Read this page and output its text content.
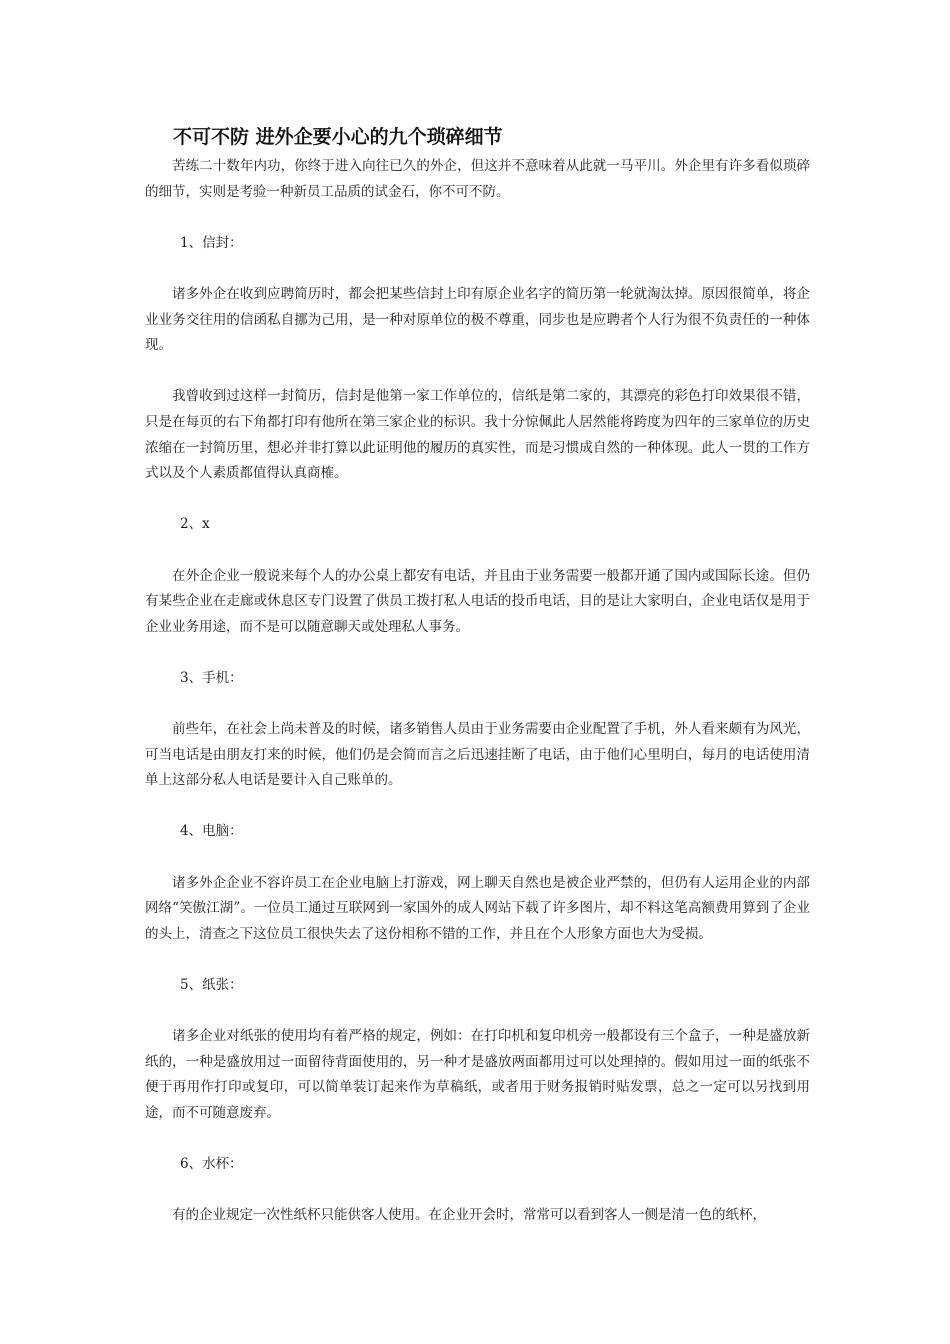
不可不防 进外企要小心的九个琐碎细节

苦练二十数年内功，你终于进入向往已久的外企，但这并不意味着从此就一马平川。外企里有许多看似琐碎的细节，实则是考验一种新员工品质的试金石，你不可不防。

1、信封：

诸多外企在收到应聘简历时，都会把某些信封上印有原企业名字的简历第一轮就淘汰掉。原因很简单，将企业业务交往用的信函私自挪为己用，是一种对原单位的极不尊重，同步也是应聘者个人行为很不负责任的一种体现。

我曾收到过这样一封简历，信封是他第一家工作单位的，信纸是第二家的，其漂亮的彩色打印效果很不错，只是在每页的右下角都打印有他所在第三家企业的标识。我十分惊佩此人居然能将跨度为四年的三家单位的历史浓缩在一封简历里，想必并非打算以此证明他的履历的真实性，而是习惯成自然的一种体现。此人一贯的工作方式以及个人素质都值得认真商榷。

2、x

在外企企业一般说来每个人的办公桌上都安有电话，并且由于业务需要一般都开通了国内或国际长途。但仍有某些企业在走廊或休息区专门设置了供员工拨打私人电话的投币电话，目的是让大家明白，企业电话仅是用于企业业务用途，而不是可以随意聊天或处理私人事务。

3、手机：

前些年，在社会上尚未普及的时候，诸多销售人员由于业务需要由企业配置了手机，外人看来颇有为风光，可当电话是由朋友打来的时候，他们仍是会简而言之后迅速挂断了电话，由于他们心里明白，每月的电话使用清单上这部分私人电话是要计入自己账单的。

4、电脑：

诸多外企企业不容许员工在企业电脑上打游戏，网上聊天自然也是被企业严禁的，但仍有人运用企业的内部网络“笑傲江湖”。一位员工通过互联网到一家国外的成人网站下载了许多图片，却不料这笔高额费用算到了企业的头上，清查之下这位员工很快失去了这份相称不错的工作，并且在个人形象方面也大为受损。

5、纸张：

诸多企业对纸张的使用均有着严格的规定，例如：在打印机和复印机旁一般都设有三个盒子，一种是盛放新纸的，一种是盛放用过一面留待背面使用的，另一种才是盛放两面都用过可以处理掉的。假如用过一面的纸张不便于再用作打印或复印，可以简单装订起来作为草稿纸，或者用于财务报销时贴发票，总之一定可以另找到用途，而不可随意废弃。

6、水杯：

有的企业规定一次性纸杯只能供客人使用。在企业开会时，常常可以看到客人一侧是清一色的纸杯，
